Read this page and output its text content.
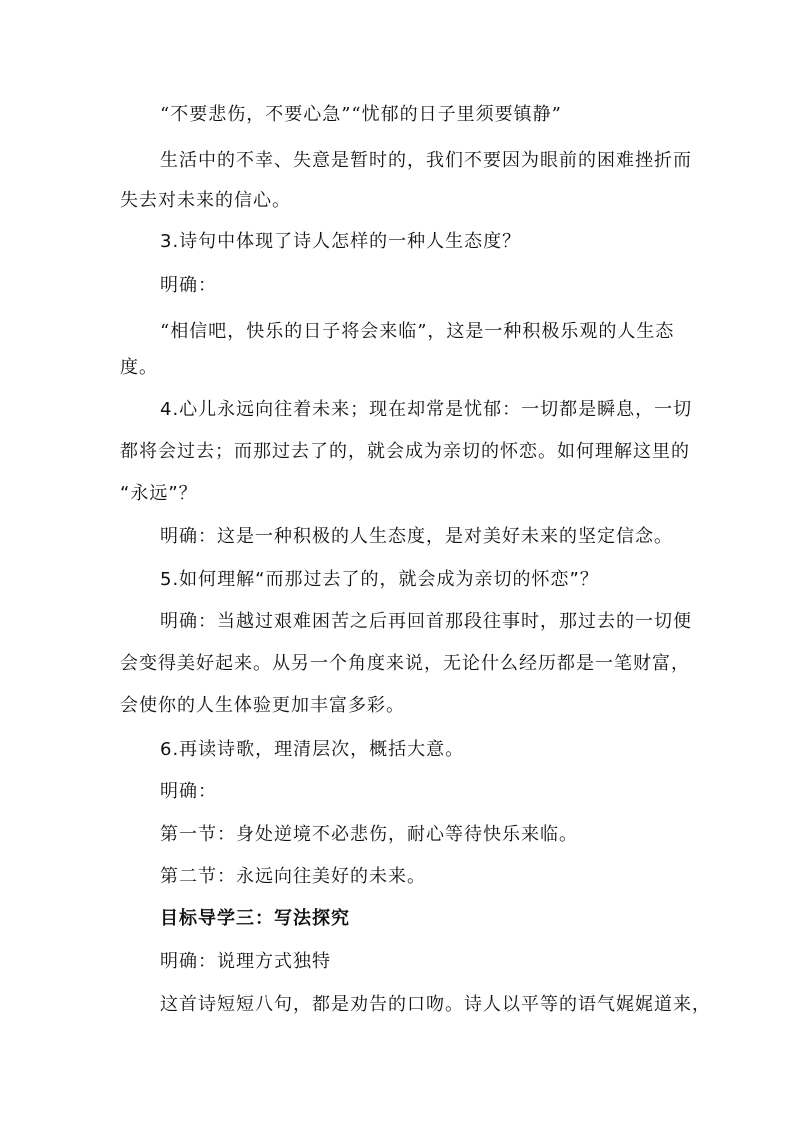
“不要悲伤，不要心急”“忧郁的日子里须要镇静”
生活中的不幸、失意是暂时的，我们不要因为眼前的困难挫折而
失去对未来的信心。
3.诗句中体现了诗人怎样的一种人生态度？
明确：
“相信吧，快乐的日子将会来临”，这是一种积极乐观的人生态
度。
4.心儿永远向往着未来；现在却常是忧郁：一切都是瞬息，一切
都将会过去；而那过去了的，就会成为亲切的怀恋。如何理解这里的
“永远”？
明确：这是一种积极的人生态度，是对美好未来的坚定信念。
5.如何理解“而那过去了的，就会成为亲切的怀恋”？
明确：当越过艰难困苦之后再回首那段往事时，那过去的一切便
会变得美好起来。从另一个角度来说，无论什么经历都是一笔财富，
会使你的人生体验更加丰富多彩。
6.再读诗歌，理清层次，概括大意。
明确：
第一节：身处逆境不必悲伤，耐心等待快乐来临。
第二节：永远向往美好的未来。
目标导学三：写法探究
明确：说理方式独特
这首诗短短八句，都是劝告的口吻。诗人以平等的语气娓娓道来，
